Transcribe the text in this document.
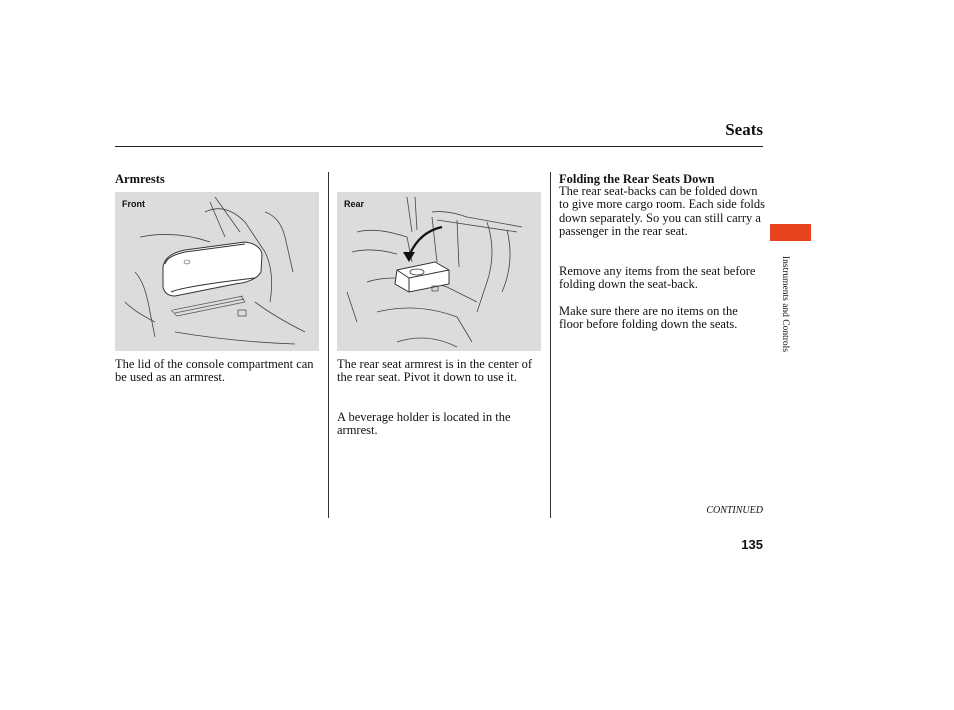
Seats
Armrests
Front
The lid of the console compartment can be used as an armrest.
Rear
The rear seat armrest is in the center of the rear seat. Pivot it down to use it.
A beverage holder is located in the armrest.
Folding the Rear Seats Down
The rear seat-backs can be folded down to give more cargo room. Each side folds down separately. So you can still carry a passenger in the rear seat.
Remove any items from the seat before folding down the seat-back.
Make sure there are no items on the floor before folding down the seats.	Instruments and Controls
CONTINUED
135
